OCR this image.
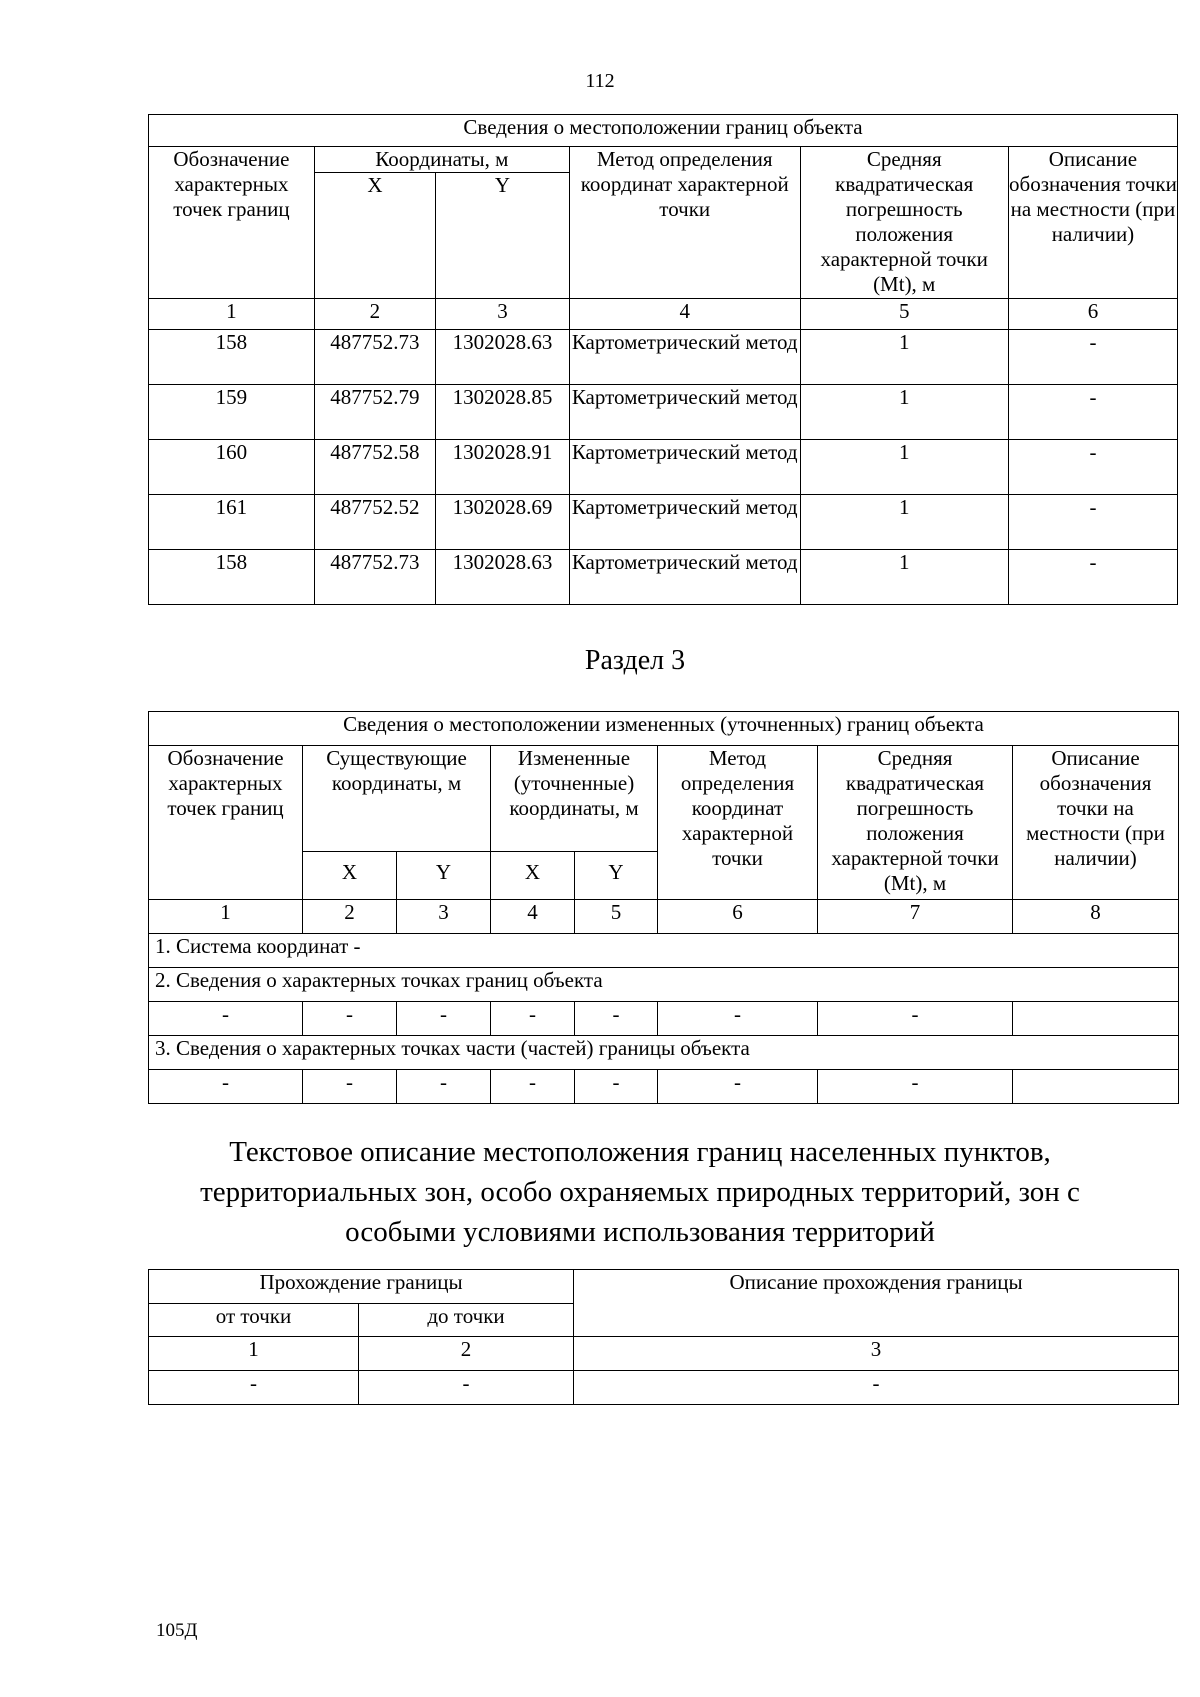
112
Сведения о местоположении границ объекта					
Обозначение характерных точек границ	Координаты, м		Метод определения координат характерной точки	Средняя квадратическая погрешность положения характерной точки (Mt), м	Описание обозначения точки на местности (при наличии)
	X	Y			
1	2	3	4	5	6
158	487752.73	1302028.63	Картометрический метод	1	-
159	487752.79	1302028.85	Картометрический метод	1	-
160	487752.58	1302028.91	Картометрический метод	1	-
161	487752.52	1302028.69	Картометрический метод	1	-
158	487752.73	1302028.63	Картометрический метод	1	-
Раздел 3
Сведения о местоположении измененных (уточненных) границ объекта							
Обозначение характерных точек границ	Существующие координаты, м		Измененные (уточненные) координаты, м		Метод определения координат характерной точки	Средняя квадратическая погрешность положения характерной точки (Mt), м	Описание обозначения точки на местности (при наличии)
	X	Y	X	Y			
1	2	3	4	5	6	7	8
1. Система координат -							
2. Сведения о характерных точках границ объекта							
-	-	-	-	-	-	-	
3. Сведения о характерных точках части (частей) границы объекта							
-	-	-	-	-	-	-	
Текстовое описание местоположения границ населенных пунктов, территориальных зон, особо охраняемых природных территорий, зон с особыми условиями использования территорий
Прохождение границы		Описание прохождения границы
от точки	до точки	
1	2	3
-	-	-
105Д
